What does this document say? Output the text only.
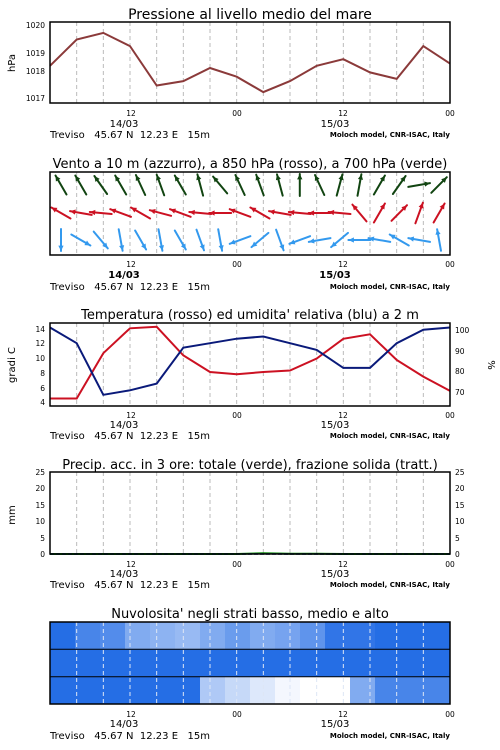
Pressione al livello medio del mare
hPa
1017
1018
1019
1020
12	00	12	00
14/03	15/03
Treviso   45.67 N  12.23 E   15m	Moloch model, CNR-ISAC, Italy
Vento a 10 m (azzurro), a 850 hPa (rosso), a 700 hPa (verde)
12	00	12	00
14/03	15/03
Treviso   45.67 N  12.23 E   15m	Moloch model, CNR-ISAC, Italy
Temperatura (rosso) ed umidita' relativa (blu) a 2 m
gradi C	%
4
6
8
10
12
14
70
80
90
100
12	00	12	00
14/03	15/03
Treviso   45.67 N  12.23 E   15m	Moloch model, CNR-ISAC, Italy
Precip. acc. in 3 ore: totale (verde), frazione solida (tratt.)
mm
0
5
10
15
20
25
0
5
10
15
20
25
12	00	12	00
14/03	15/03
Treviso   45.67 N  12.23 E   15m	Moloch model, CNR-ISAC, Italy
Nuvolosita' negli strati basso, medio e alto
12	00	12	00
14/03	15/03
Treviso   45.67 N  12.23 E   15m	Moloch model, CNR-ISAC, Italy
